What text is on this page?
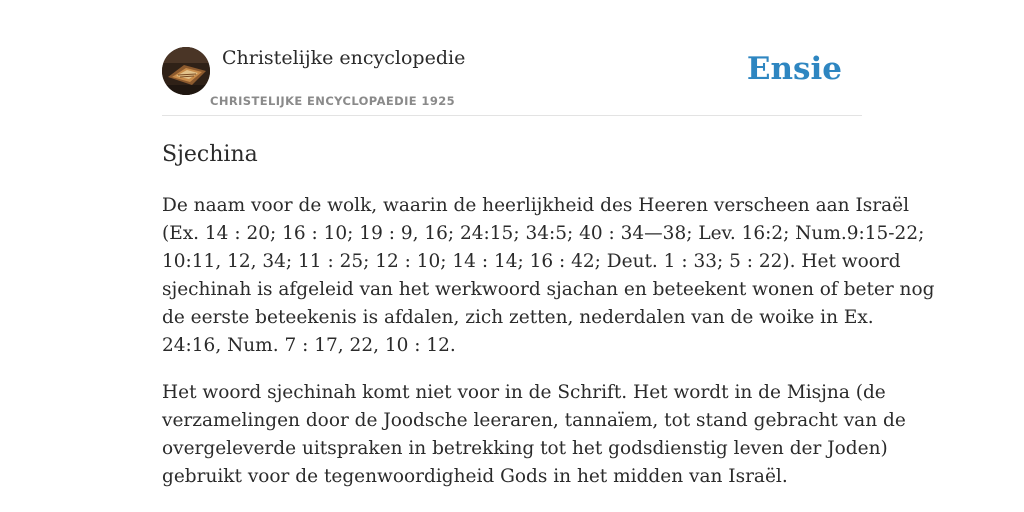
Christelijke encyclopedie
CHRISTELIJKE ENCYCLOPAEDIE 1925
Ensie
Sjechina
De naam voor de wolk, waarin de heerlijkheid des Heeren verscheen aan Israël
(Ex. 14 : 20; 16 : 10; 19 : 9, 16; 24:15; 34:5; 40 : 34—38; Lev. 16:2; Num.9:15-22;
10:11, 12, 34; 11 : 25; 12 : 10; 14 : 14; 16 : 42; Deut. 1 : 33; 5 : 22). Het woord
sjechinah is afgeleid van het werkwoord sjachan en beteekent wonen of beter nog
de eerste beteekenis is afdalen, zich zetten, nederdalen van de woike in Ex.
24:16, Num. 7 : 17, 22, 10 : 12.
Het woord sjechinah komt niet voor in de Schrift. Het wordt in de Misjna (de
verzamelingen door de Joodsche leeraren, tannaïem, tot stand gebracht van de
overgeleverde uitspraken in betrekking tot het godsdienstig leven der Joden)
gebruikt voor de tegenwoordigheid Gods in het midden van Israël.
